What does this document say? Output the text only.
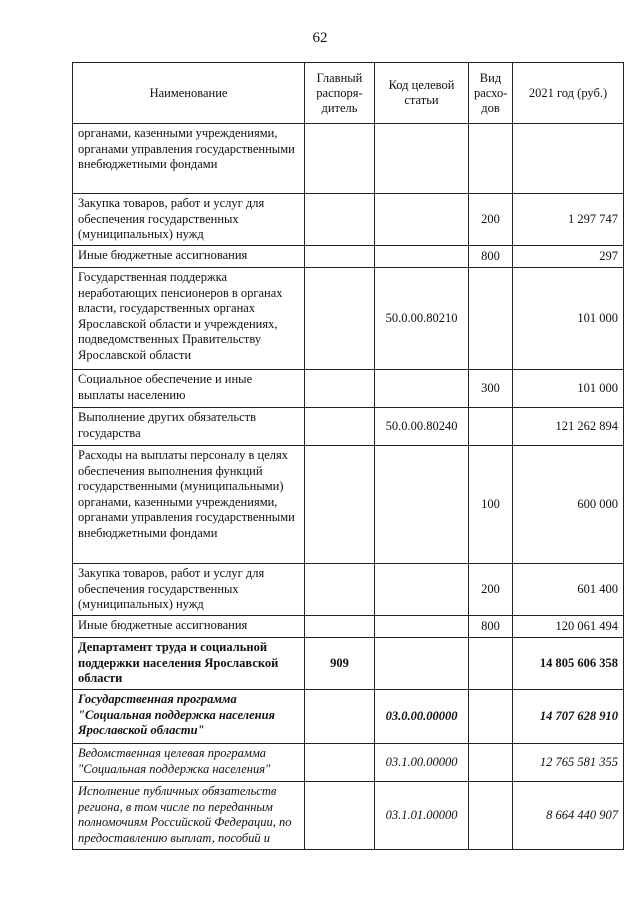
62
Наименование	Главный распоря-дитель	Код целевой статьи	Вид расхо-дов	2021 год (руб.)
органами, казенными учреждениями, органами управления государственными внебюджетными фондами				
Закупка товаров, работ и услуг для обеспечения государственных (муниципальных) нужд			200	1 297 747
Иные бюджетные ассигнования			800	297
Государственная поддержка неработающих пенсионеров в органах власти, государственных органах Ярославской области и учреждениях, подведомственных Правительству Ярославской области		50.0.00.80210		101 000
Социальное обеспечение и иные выплаты населению			300	101 000
Выполнение других обязательств государства		50.0.00.80240		121 262 894
Расходы на выплаты персоналу в целях обеспечения выполнения функций государственными (муниципальными) органами, казенными учреждениями, органами управления государственными внебюджетными фондами			100	600 000
Закупка товаров, работ и услуг для обеспечения государственных (муниципальных) нужд			200	601 400
Иные бюджетные ассигнования			800	120 061 494
Департамент труда и социальной поддержки населения Ярославской области	909			14 805 606 358
Государственная программа "Социальная поддержка населения Ярославской области"		03.0.00.00000		14 707 628 910
Ведомственная целевая программа "Социальная поддержка населения"		03.1.00.00000		12 765 581 355
Исполнение публичных обязательств региона, в том числе по переданным полномочиям Российской Федерации, по предоставлению выплат, пособий и		03.1.01.00000		8 664 440 907
